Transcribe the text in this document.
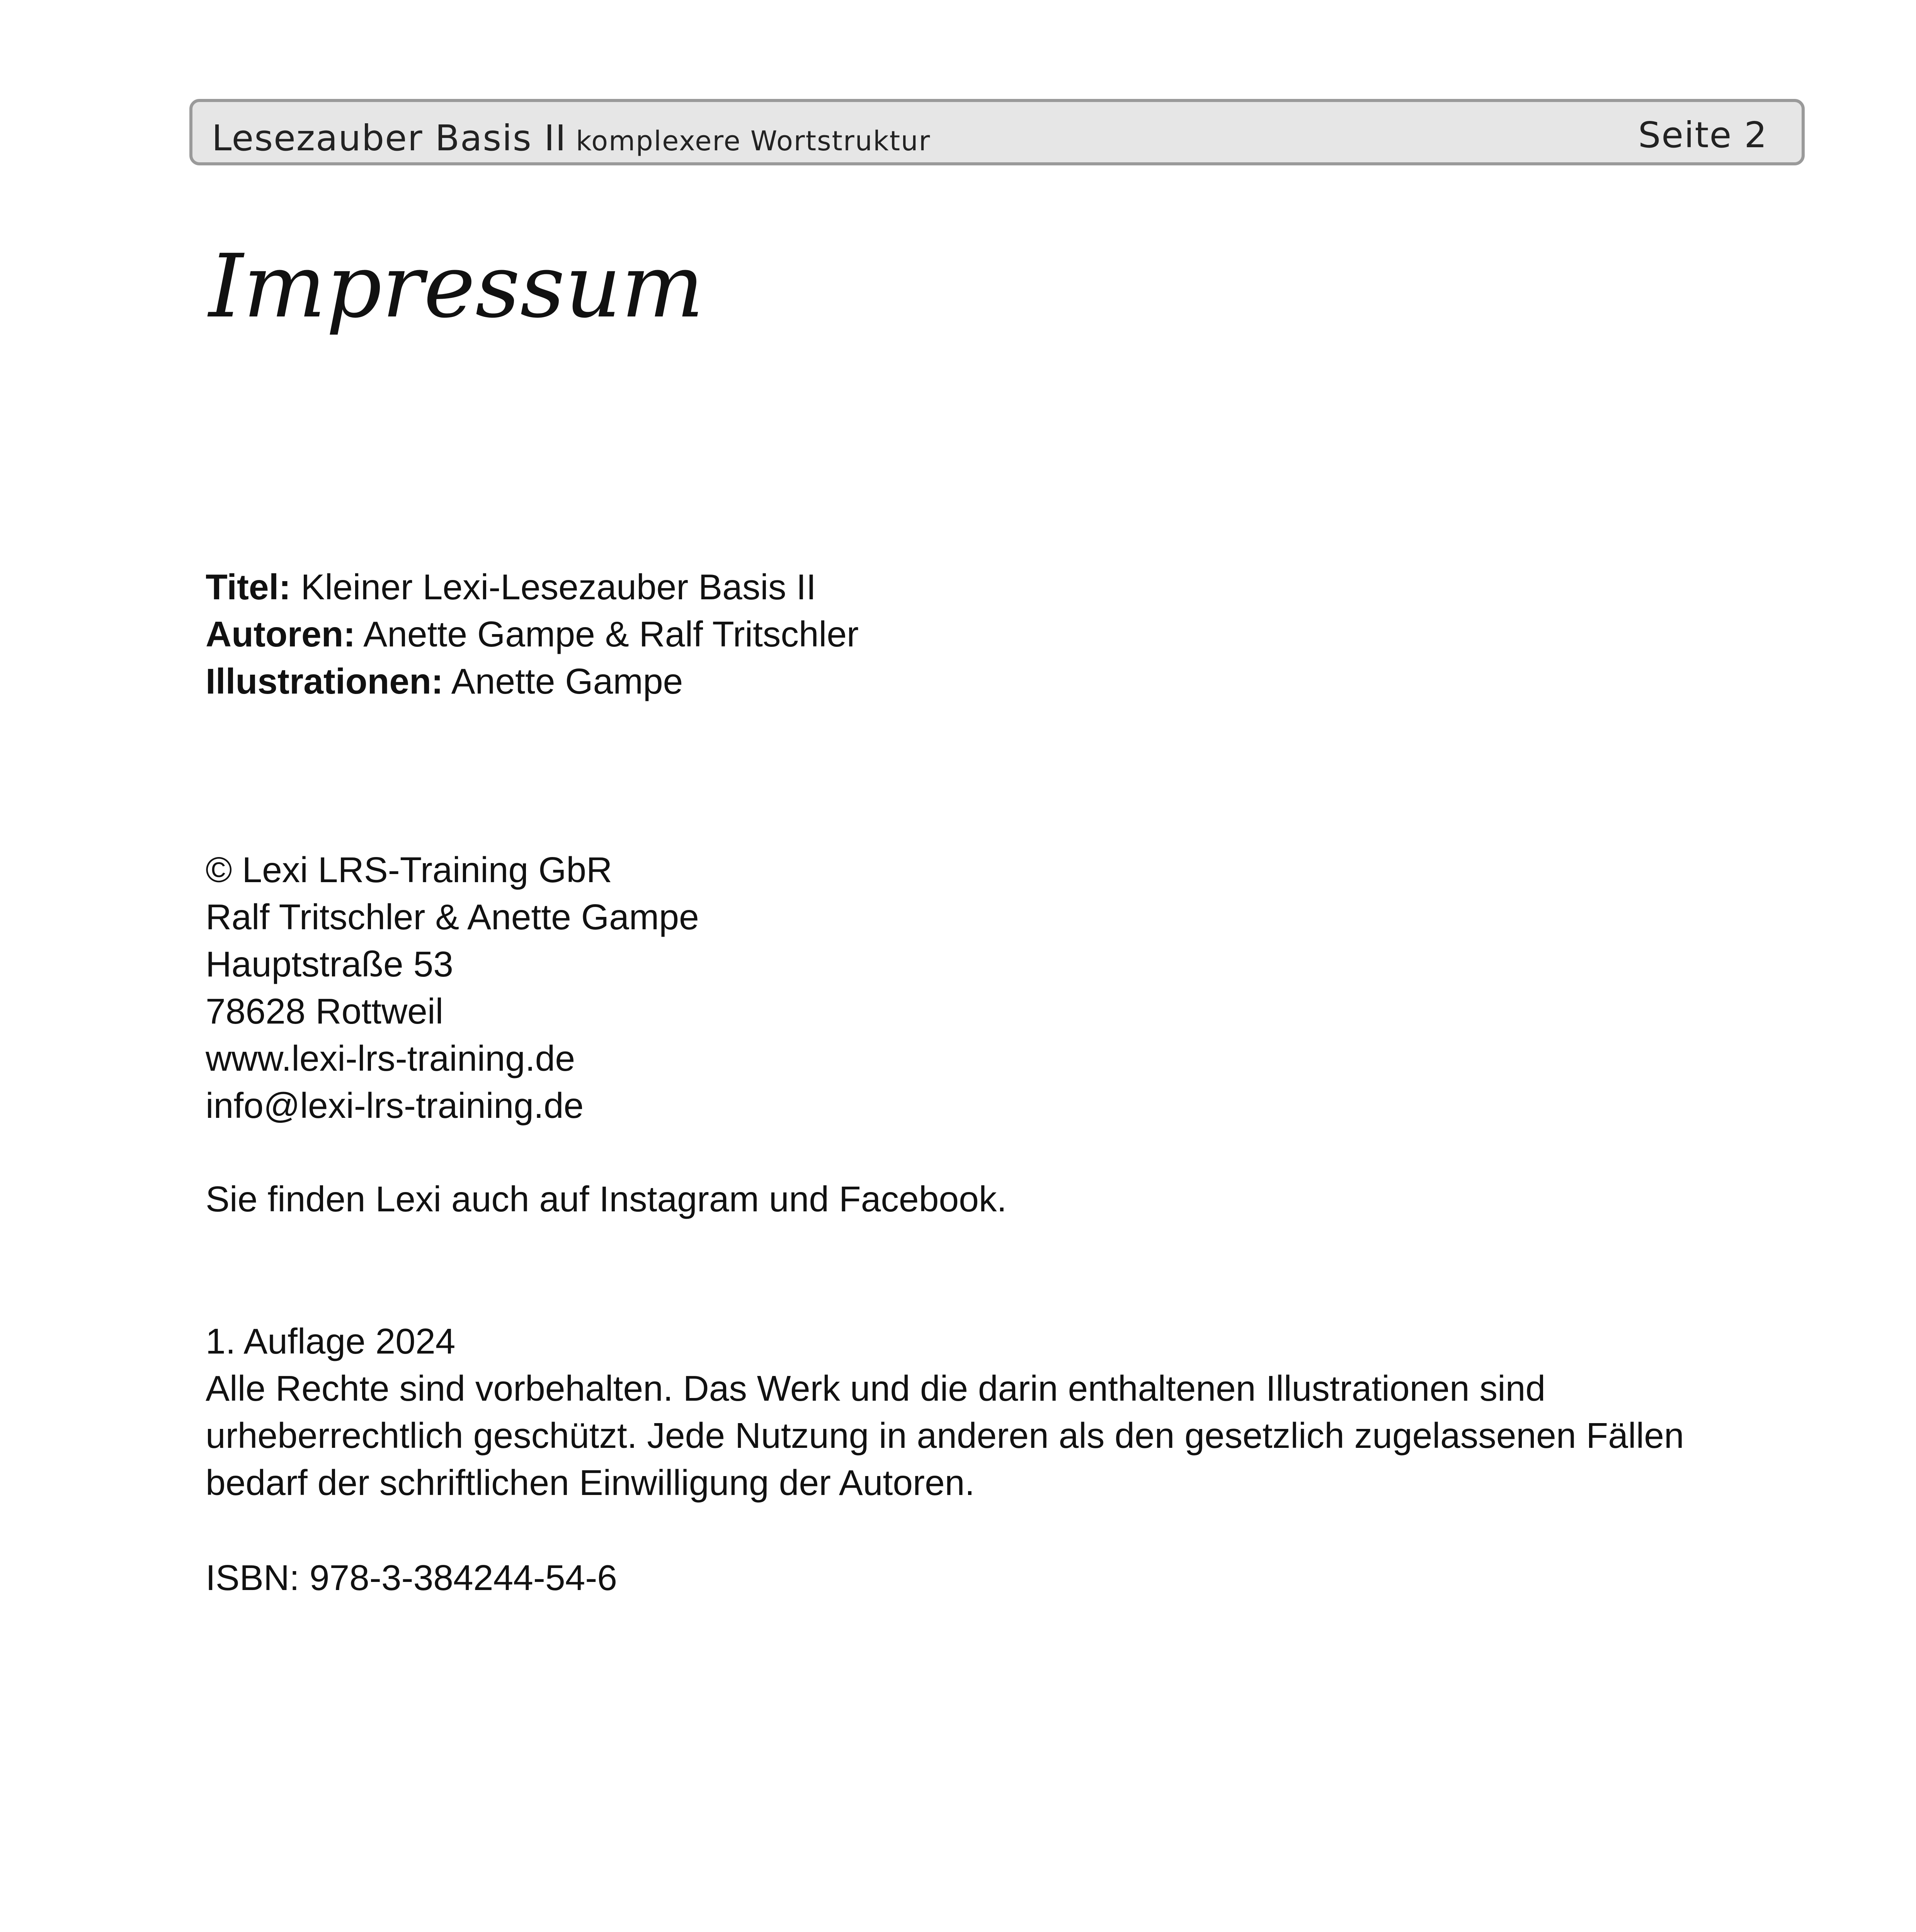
Lesezauber Basis II komplexere Wortstruktur	Seite 2
Impressum
Titel: Kleiner Lexi-Lesezauber Basis II
Autoren: Anette Gampe & Ralf Tritschler
Illustrationen: Anette Gampe
© Lexi LRS-Training GbR
Ralf Tritschler & Anette Gampe
Hauptstraße 53
78628 Rottweil
www.lexi-lrs-training.de
info@lexi-lrs-training.de
Sie finden Lexi auch auf Instagram und Facebook.
1. Auflage 2024
Alle Rechte sind vorbehalten. Das Werk und die darin enthaltenen Illustrationen sind
urheberrechtlich geschützt. Jede Nutzung in anderen als den gesetzlich zugelassenen Fällen
bedarf der schriftlichen Einwilligung der Autoren.
ISBN: 978-3-384244-54-6
